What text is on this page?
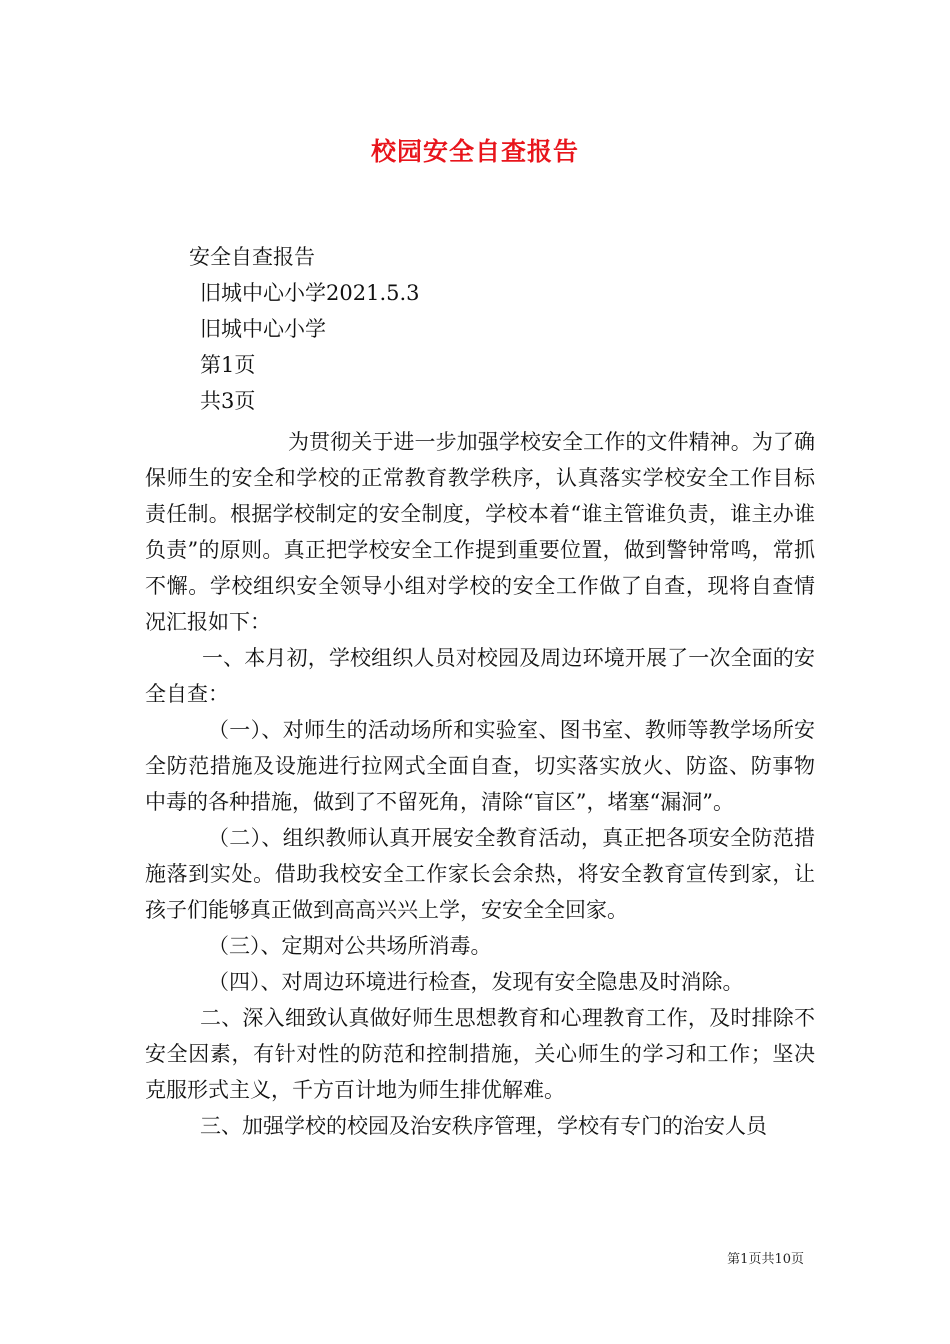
校园安全自查报告
安全自查报告
旧城中心小学2021.5.3
旧城中心小学
第1页
共3页

为贯彻关于进一步加强学校安全工作的文件精神。为了确保师生的安全和学校的正常教育教学秩序，认真落实学校安全工作目标责任制。根据学校制定的安全制度，学校本着“谁主管谁负责，谁主办谁负责”的原则。真正把学校安全工作提到重要位置，做到警钟常鸣，常抓不懈。学校组织安全领导小组对学校的安全工作做了自查，现将自查情况汇报如下：

一、本月初，学校组织人员对校园及周边环境开展了一次全面的安全自查：

（一）、对师生的活动场所和实验室、图书室、教师等教学场所安全防范措施及设施进行拉网式全面自查，切实落实放火、防盗、防事物中毒的各种措施，做到了不留死角，清除“盲区”，堵塞“漏洞”。

（二）、组织教师认真开展安全教育活动，真正把各项安全防范措施落到实处。借助我校安全工作家长会余热，将安全教育宣传到家，让孩子们能够真正做到高高兴兴上学，安安全全回家。

（三）、定期对公共场所消毒。

（四）、对周边环境进行检查，发现有安全隐患及时消除。

二、深入细致认真做好师生思想教育和心理教育工作，及时排除不安全因素，有针对性的防范和控制措施，关心师生的学习和工作；坚决克服形式主义，千方百计地为师生排优解难。

三、加强学校的校园及治安秩序管理，学校有专门的治安人员

第1页共10页
